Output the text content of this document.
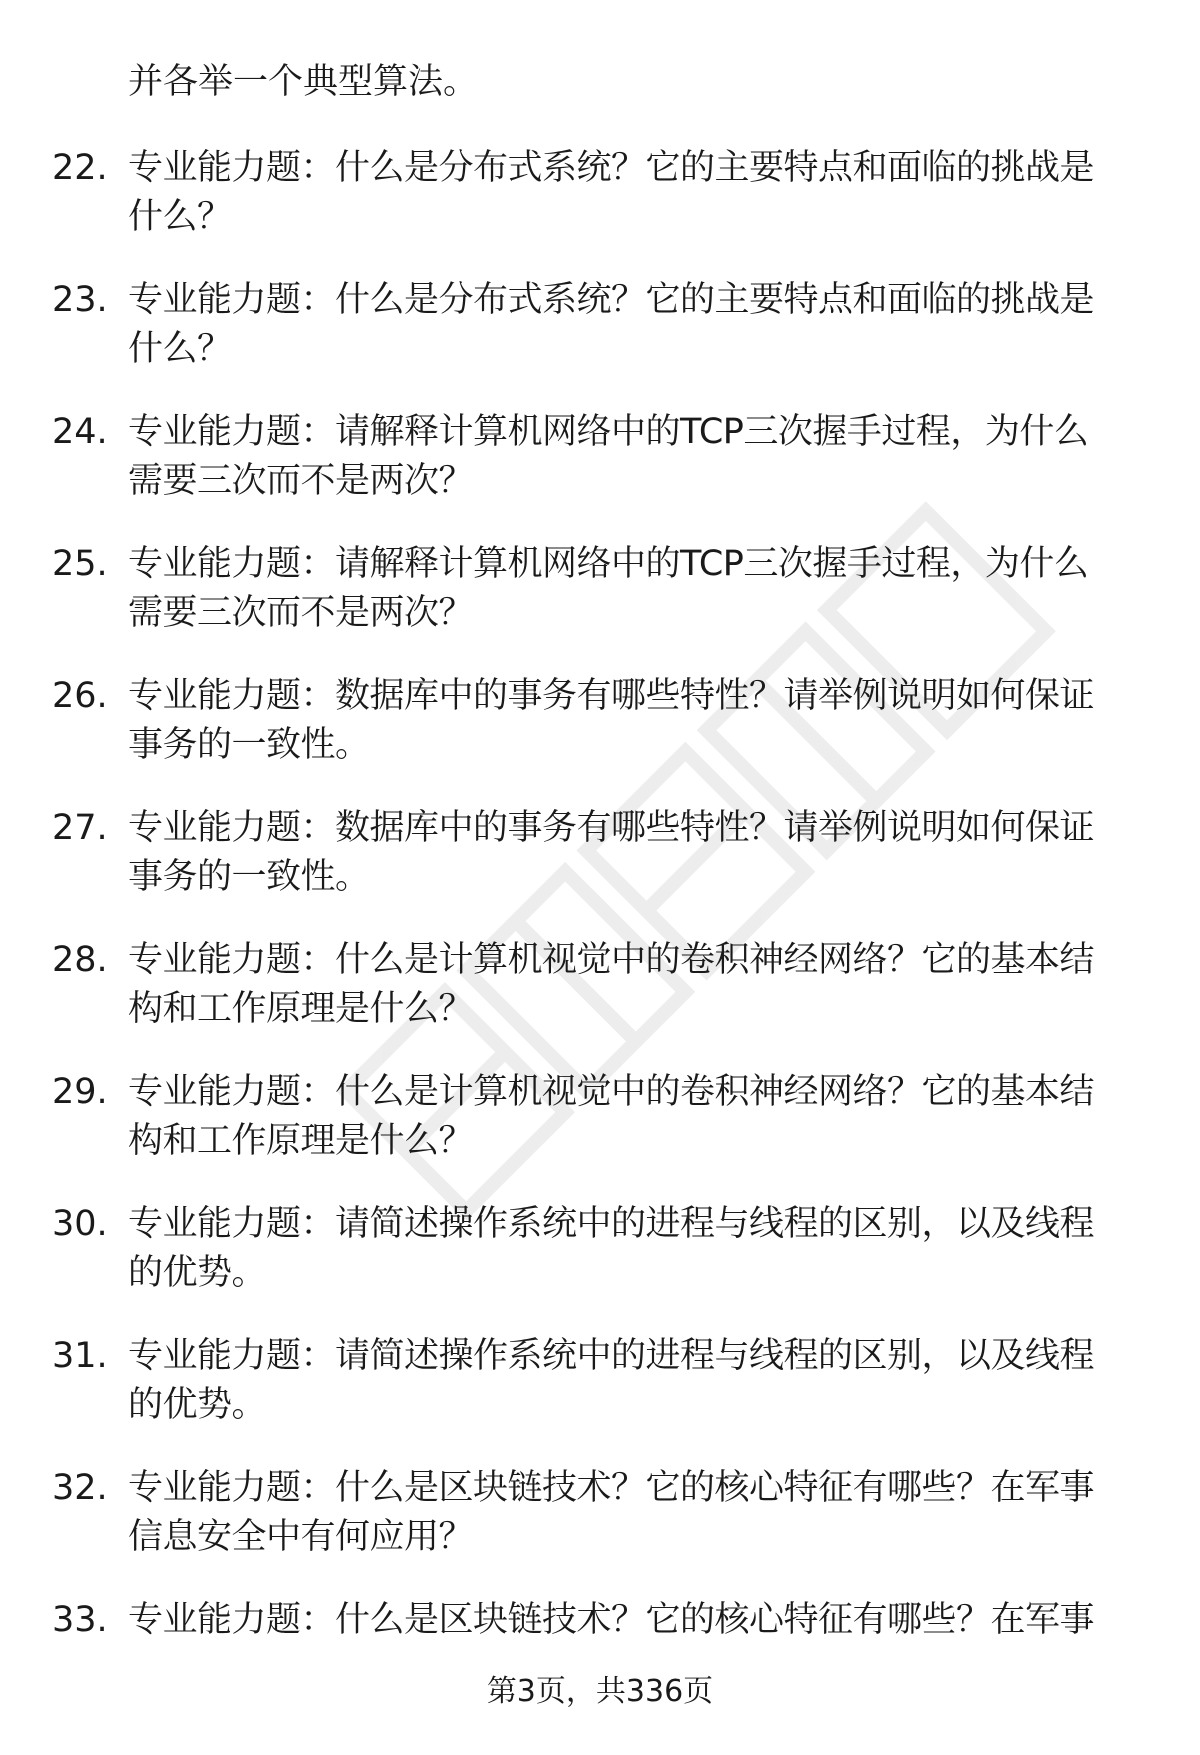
并各举一个典型算法。
22. 专业能力题：什么是分布式系统？它的主要特点和面临的挑战是
什么？
23. 专业能力题：什么是分布式系统？它的主要特点和面临的挑战是
什么？
24. 专业能力题：请解释计算机网络中的TCP三次握手过程，为什么
需要三次而不是两次？
25. 专业能力题：请解释计算机网络中的TCP三次握手过程，为什么
需要三次而不是两次？
26. 专业能力题：数据库中的事务有哪些特性？请举例说明如何保证
事务的一致性。
27. 专业能力题：数据库中的事务有哪些特性？请举例说明如何保证
事务的一致性。
28. 专业能力题：什么是计算机视觉中的卷积神经网络？它的基本结
构和工作原理是什么？
29. 专业能力题：什么是计算机视觉中的卷积神经网络？它的基本结
构和工作原理是什么？
30. 专业能力题：请简述操作系统中的进程与线程的区别，以及线程
的优势。
31. 专业能力题：请简述操作系统中的进程与线程的区别，以及线程
的优势。
32. 专业能力题：什么是区块链技术？它的核心特征有哪些？在军事
信息安全中有何应用？
33. 专业能力题：什么是区块链技术？它的核心特征有哪些？在军事
第3页，共336页
